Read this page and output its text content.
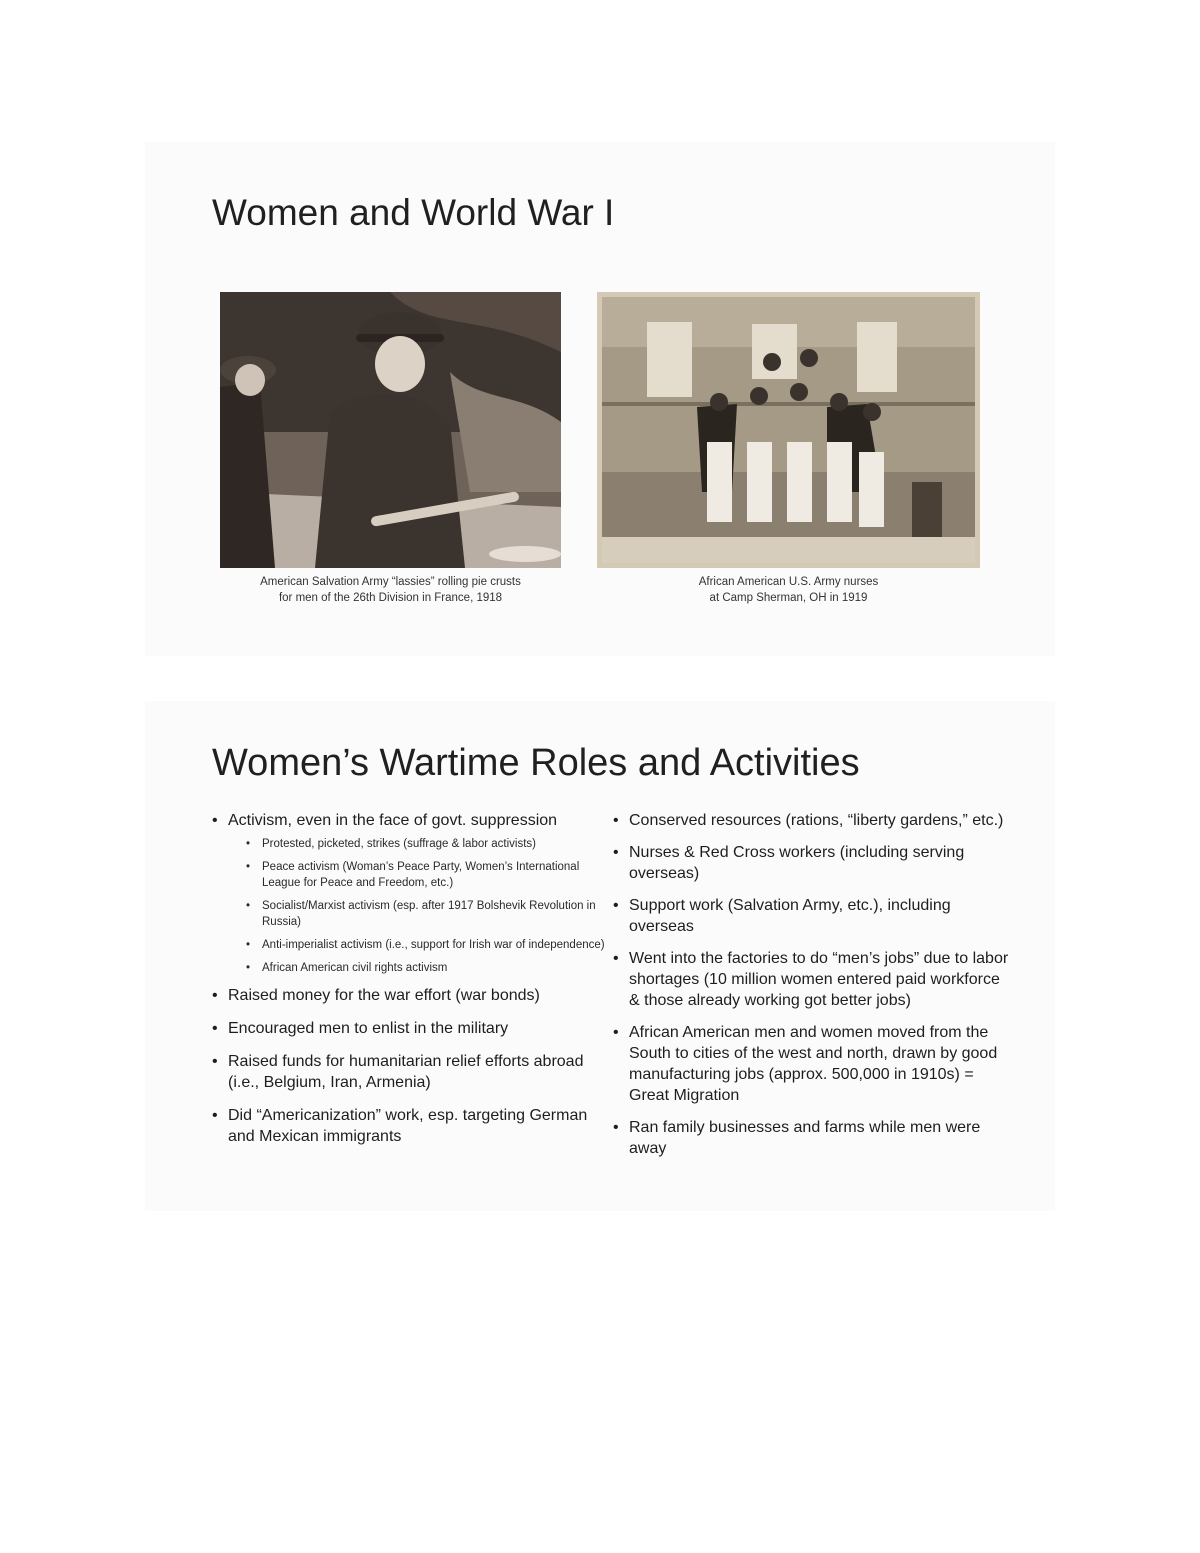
Women and World War I

American Salvation Army “lassies” rolling pie crusts
for men of the 26th Division in France, 1918

African American U.S. Army nurses
at Camp Sherman, OH in 1919

Women’s Wartime Roles and Activities
• Activism, even in the face of govt. suppression
• Protested, picketed, strikes (suffrage & labor activists)
• Peace activism (Woman’s Peace Party, Women’s International League for Peace and Freedom, etc.)
• Socialist/Marxist activism (esp. after 1917 Bolshevik Revolution in Russia)
• Anti-imperialist activism (i.e., support for Irish war of independence)
• African American civil rights activism
• Raised money for the war effort (war bonds)
• Encouraged men to enlist in the military
• Raised funds for humanitarian relief efforts abroad (i.e., Belgium, Iran, Armenia)
• Did “Americanization” work, esp. targeting German and Mexican immigrants
• Conserved resources (rations, “liberty gardens,” etc.)
• Nurses & Red Cross workers (including serving overseas)
• Support work (Salvation Army, etc.), including overseas
• Went into the factories to do “men’s jobs” due to labor shortages (10 million women entered paid workforce & those already working got better jobs)
• African American men and women moved from the South to cities of the west and north, drawn by good manufacturing jobs (approx. 500,000 in 1910s) = Great Migration
• Ran family businesses and farms while men were away
